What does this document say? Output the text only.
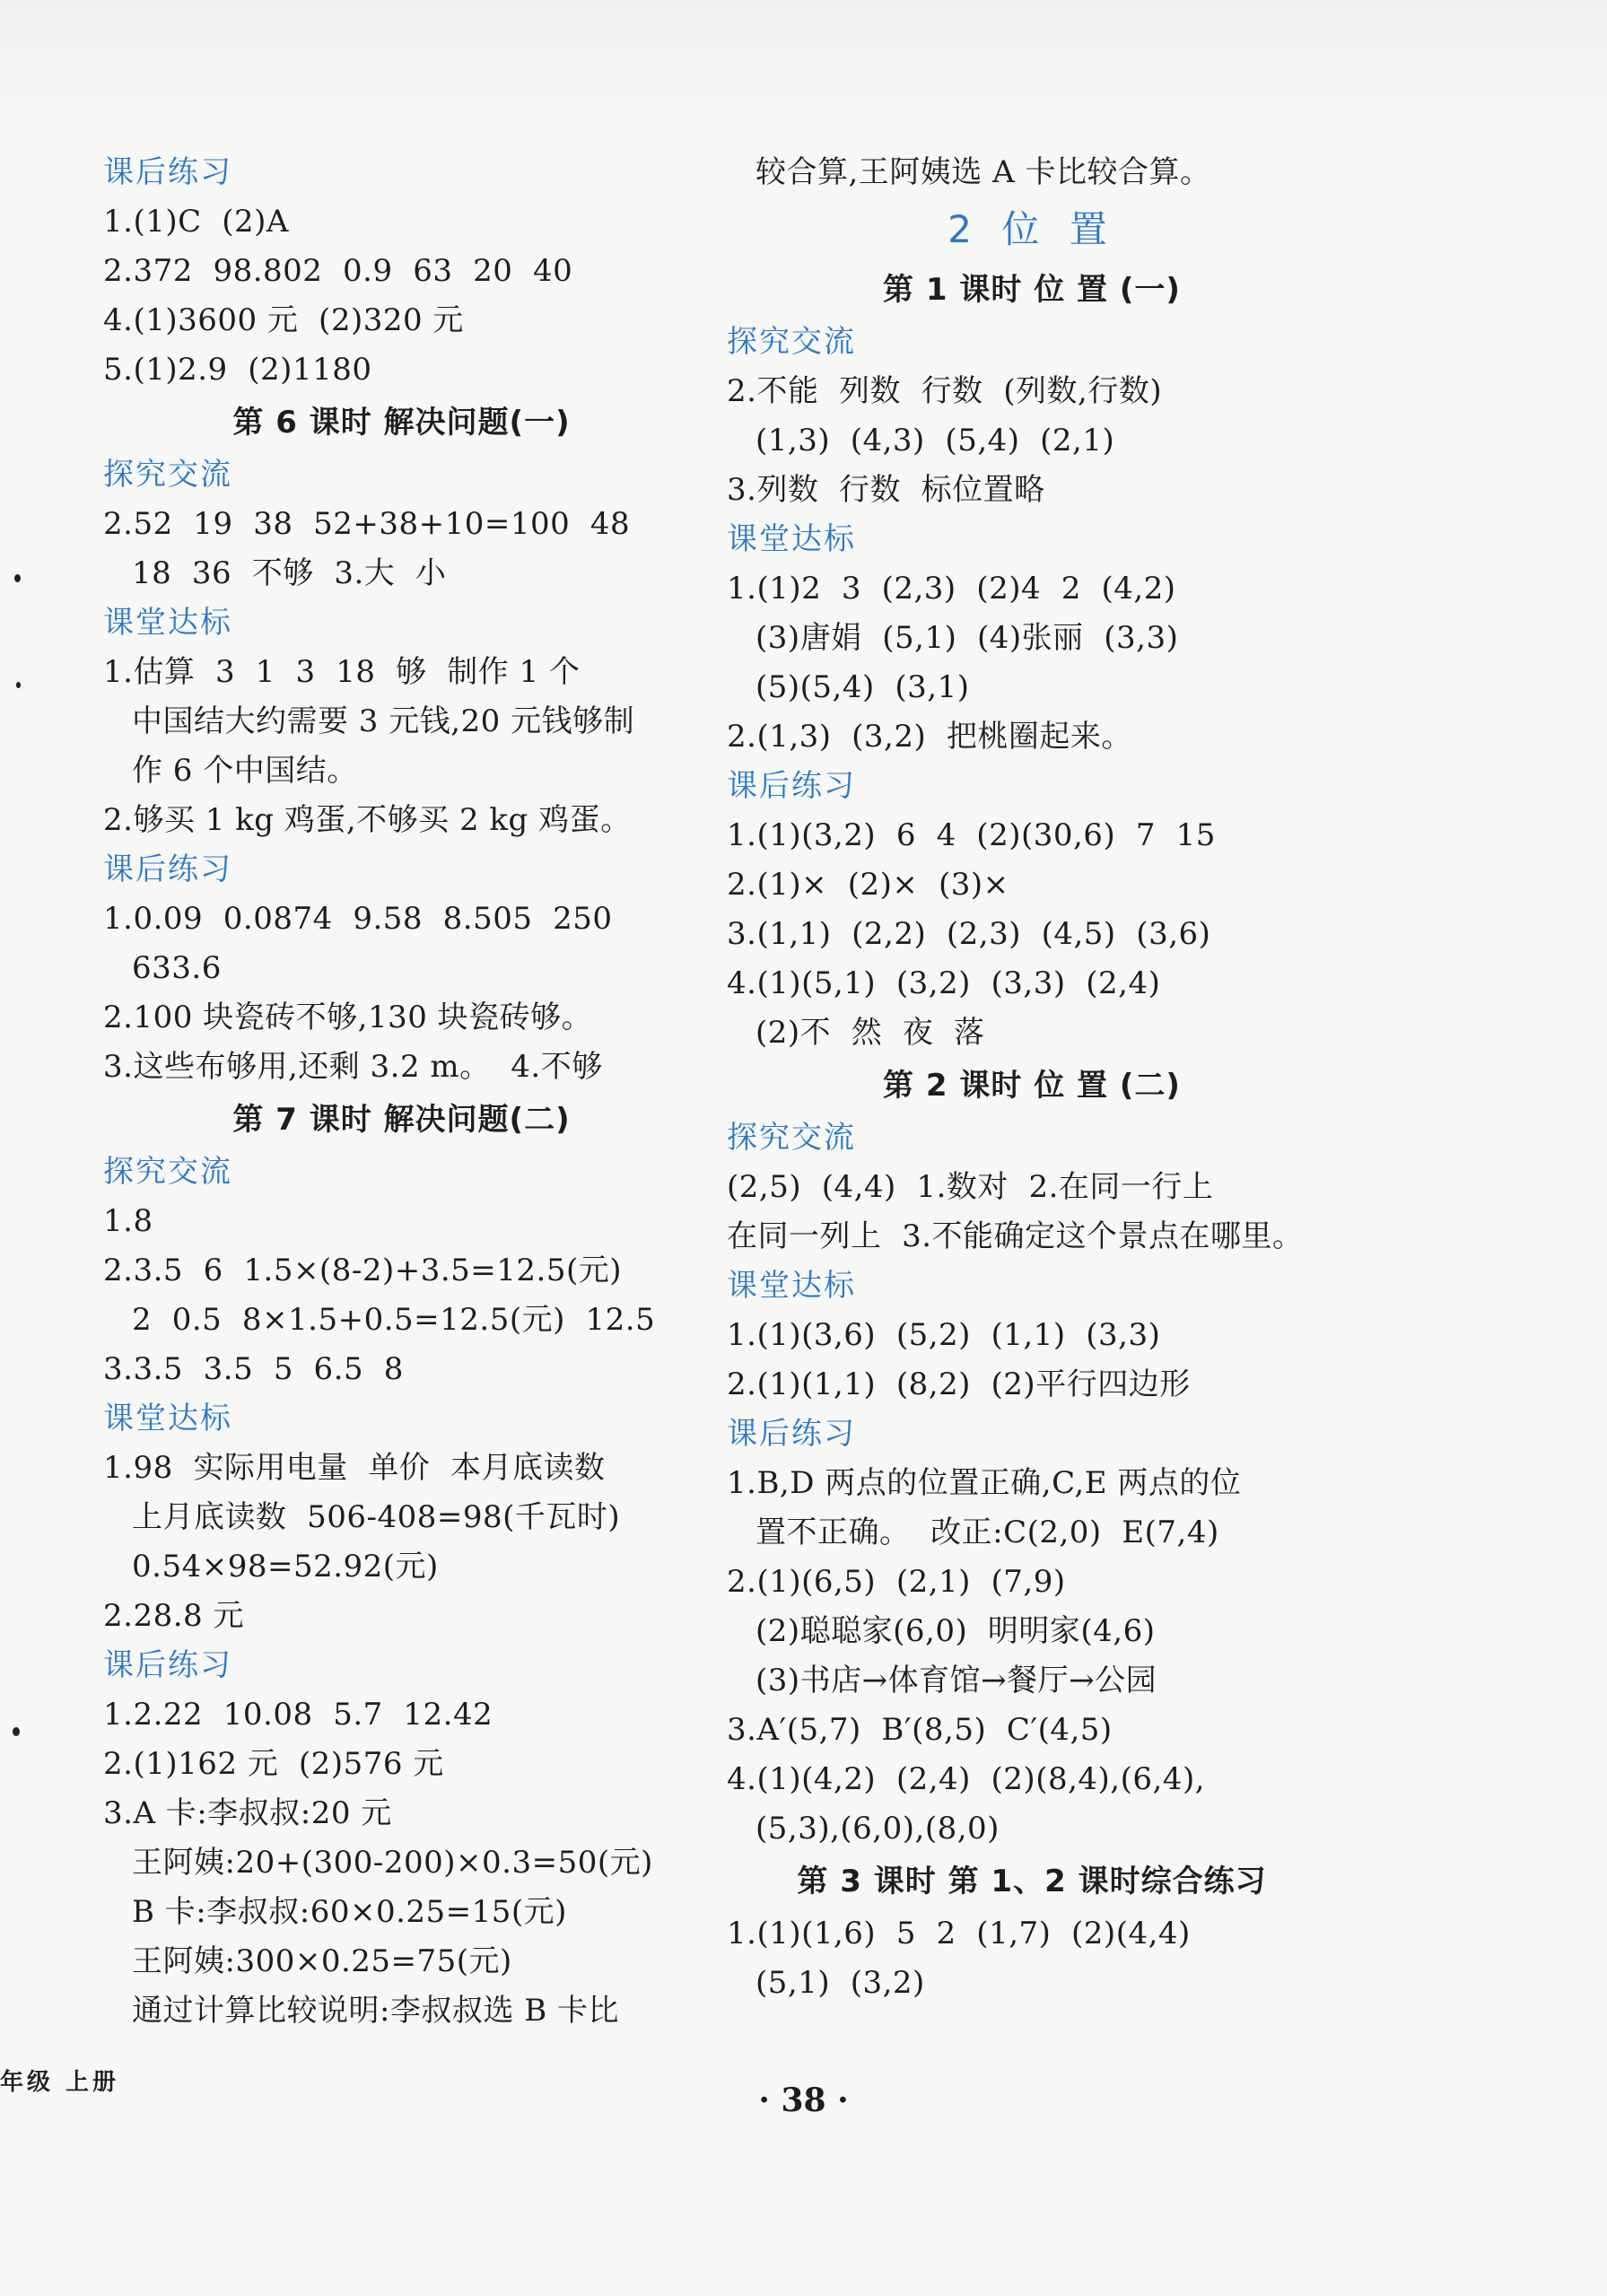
课后练习
1.(1)C  (2)A
2.372  98.802  0.9  63  20  40
4.(1)3600 元  (2)320 元
5.(1)2.9  (2)1180
第 6 课时 解决问题(一)
探究交流
2.52  19  38  52+38+10=100  48
18  36  不够  3.大  小
课堂达标
1.估算  3  1  3  18  够  制作 1 个
中国结大约需要 3 元钱,20 元钱够制
作 6 个中国结。
2.够买 1 kg 鸡蛋,不够买 2 kg 鸡蛋。
课后练习
1.0.09  0.0874  9.58  8.505  250
633.6
2.100 块瓷砖不够,130 块瓷砖够。
3.这些布够用,还剩 3.2 m。  4.不够
第 7 课时 解决问题(二)
探究交流
1.8
2.3.5  6  1.5×(8-2)+3.5=12.5(元)
2  0.5  8×1.5+0.5=12.5(元)  12.5
3.3.5  3.5  5  6.5  8
课堂达标
1.98  实际用电量  单价  本月底读数
上月底读数  506-408=98(千瓦时)
0.54×98=52.92(元)
2.28.8 元
课后练习
1.2.22  10.08  5.7  12.42
2.(1)162 元  (2)576 元
3.A 卡:李叔叔:20 元
王阿姨:20+(300-200)×0.3=50(元)
B 卡:李叔叔:60×0.25=15(元)
王阿姨:300×0.25=75(元)
通过计算比较说明:李叔叔选 B 卡比
较合算,王阿姨选 A 卡比较合算。
2 位 置
第 1 课时 位 置 (一)
探究交流
2.不能  列数  行数  (列数,行数)
(1,3)  (4,3)  (5,4)  (2,1)
3.列数  行数  标位置略
课堂达标
1.(1)2  3  (2,3)  (2)4  2  (4,2)
(3)唐娟  (5,1)  (4)张丽  (3,3)
(5)(5,4)  (3,1)
2.(1,3)  (3,2)  把桃圈起来。
课后练习
1.(1)(3,2)  6  4  (2)(30,6)  7  15
2.(1)×  (2)×  (3)×
3.(1,1)  (2,2)  (2,3)  (4,5)  (3,6)
4.(1)(5,1)  (3,2)  (3,3)  (2,4)
(2)不  然  夜  落
第 2 课时 位 置 (二)
探究交流
(2,5)  (4,4)  1.数对  2.在同一行上
在同一列上  3.不能确定这个景点在哪里。
课堂达标
1.(1)(3,6)  (5,2)  (1,1)  (3,3)
2.(1)(1,1)  (8,2)  (2)平行四边形
课后练习
1.B,D 两点的位置正确,C,E 两点的位
置不正确。  改正:C(2,0)  E(7,4)
2.(1)(6,5)  (2,1)  (7,9)
(2)聪聪家(6,0)  明明家(4,6)
(3)书店→体育馆→餐厅→公园
3.A′(5,7)  B′(8,5)  C′(4,5)
4.(1)(4,2)  (2,4)  (2)(8,4),(6,4),
(5,3),(6,0),(8,0)
第 3 课时 第 1、2 课时综合练习
1.(1)(1,6)  5  2  (1,7)  (2)(4,4)
(5,1)  (3,2)
年级 上册	· 38 ·
